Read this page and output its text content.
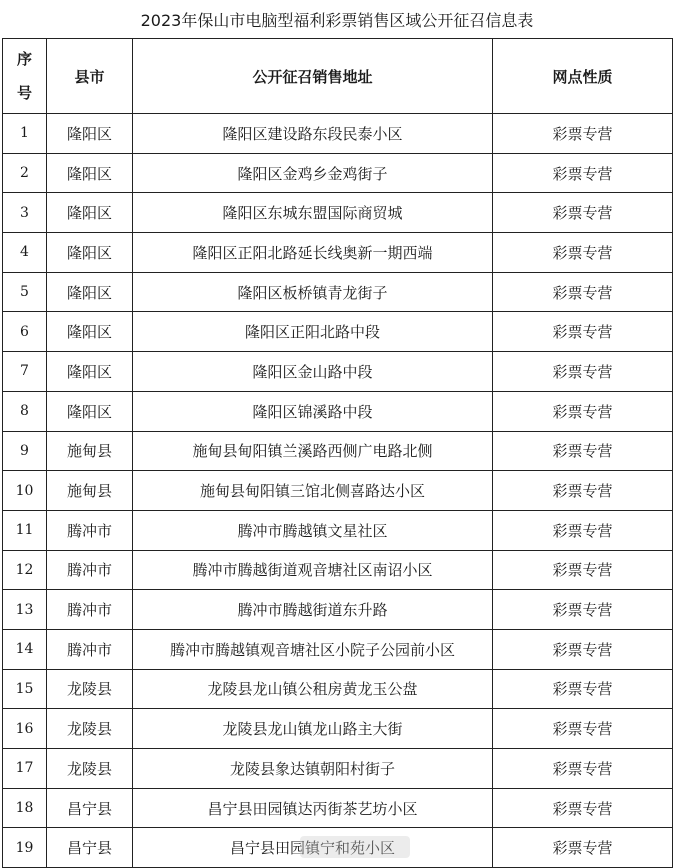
2023年保山市电脑型福利彩票销售区域公开征召信息表
序
号	县市	公开征召销售地址	网点性质
1	隆阳区	隆阳区建设路东段民泰小区	彩票专营
2	隆阳区	隆阳区金鸡乡金鸡街子	彩票专营
3	隆阳区	隆阳区东城东盟国际商贸城	彩票专营
4	隆阳区	隆阳区正阳北路延长线奥新一期西端	彩票专营
5	隆阳区	隆阳区板桥镇青龙街子	彩票专营
6	隆阳区	隆阳区正阳北路中段	彩票专营
7	隆阳区	隆阳区金山路中段	彩票专营
8	隆阳区	隆阳区锦溪路中段	彩票专营
9	施甸县	施甸县甸阳镇兰溪路西侧广电路北侧	彩票专营
10	施甸县	施甸县甸阳镇三馆北侧喜路达小区	彩票专营
11	腾冲市	腾冲市腾越镇文星社区	彩票专营
12	腾冲市	腾冲市腾越街道观音塘社区南诏小区	彩票专营
13	腾冲市	腾冲市腾越街道东升路	彩票专营
14	腾冲市	腾冲市腾越镇观音塘社区小院子公园前小区	彩票专营
15	龙陵县	龙陵县龙山镇公租房黄龙玉公盘	彩票专营
16	龙陵县	龙陵县龙山镇龙山路主大街	彩票专营
17	龙陵县	龙陵县象达镇朝阳村街子	彩票专营
18	昌宁县	昌宁县田园镇达丙街茶艺坊小区	彩票专营
19	昌宁县	昌宁县田园镇宁和苑小区	彩票专营
